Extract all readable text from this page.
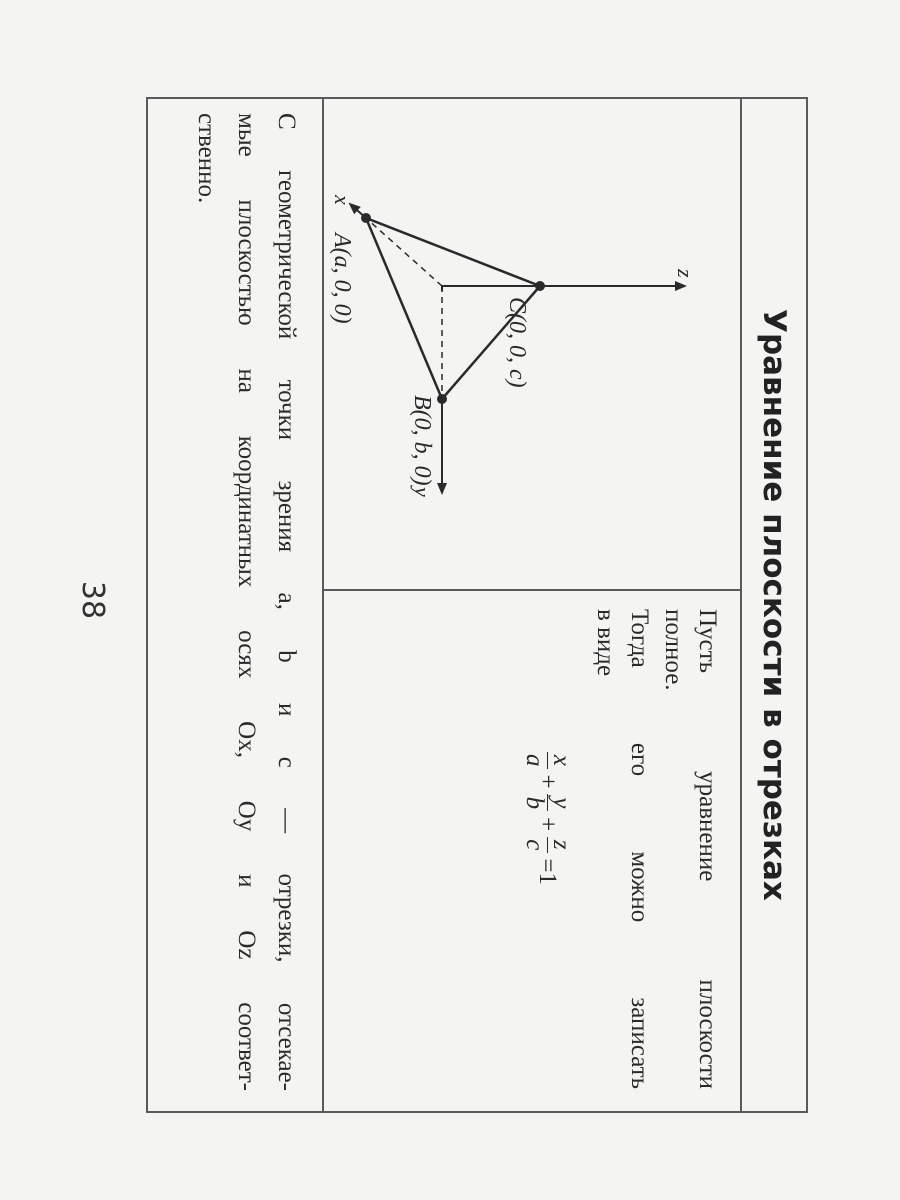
Уравнение плоскости в отрезках
z
y
x
C(0, 0, c)
B(0, b, 0)
A(a, 0, 0)

Пусть уравнение плоскости

полное.

Тогда его можно записать

в виде

x
a
+
y
b
+
z
c
=1

С геометрической точки зрения a, b и c — отрезки, отсекае-

мые плоскостью на координатных осях Ox, Oy и Oz соответ-

ственно.

38
